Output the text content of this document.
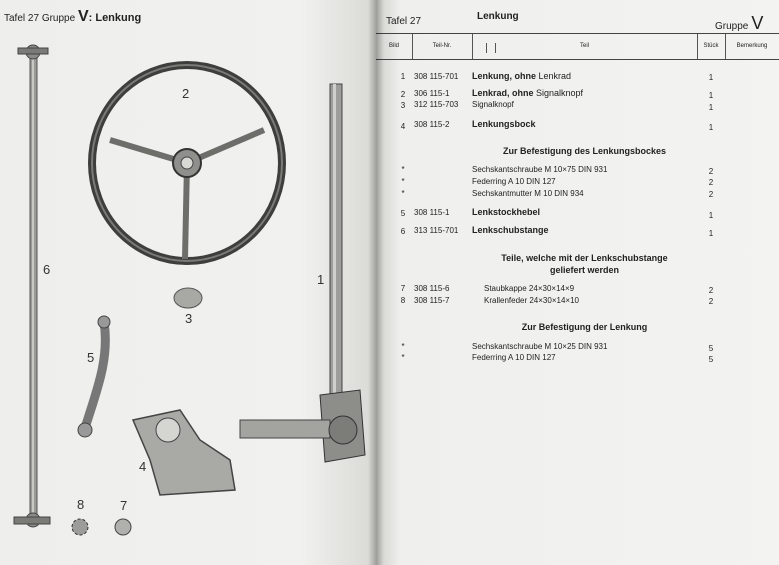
Tafel 27 Gruppe V: Lenkung
1
2
3
4
5
6
7
8
Tafel 27	Lenkung
Gruppe V
Bild	Teil-Nr.	Teil	Stück	Bemerkung
1	308 115-701 Lenkung, ohne Lenkrad	1
2	306 115-1	Lenkrad, ohne Signalknopf	1
3	312 115-703 Signalknopf	1
4	308 115-2	Lenkungsbock	1
Zur Befestigung des Lenkungsbockes
*	Sechskantschraube M 10×75 DIN 931	2
*	Federring A 10 DIN 127	2
*	Sechskantmutter M 10 DIN 934	2
5	308 115-1	Lenkstockhebel	1
6	313 115-701 Lenkschubstange	1
Teile, welche mit der Lenkschubstange
geliefert werden
7	308 115-6	Staubkappe 24×30×14×9	2
8	308 115-7	Krallenfeder 24×30×14×10	2
Zur Befestigung der Lenkung
*	Sechskantschraube M 10×25 DIN 931	5
*	Federring A 10 DIN 127	5
